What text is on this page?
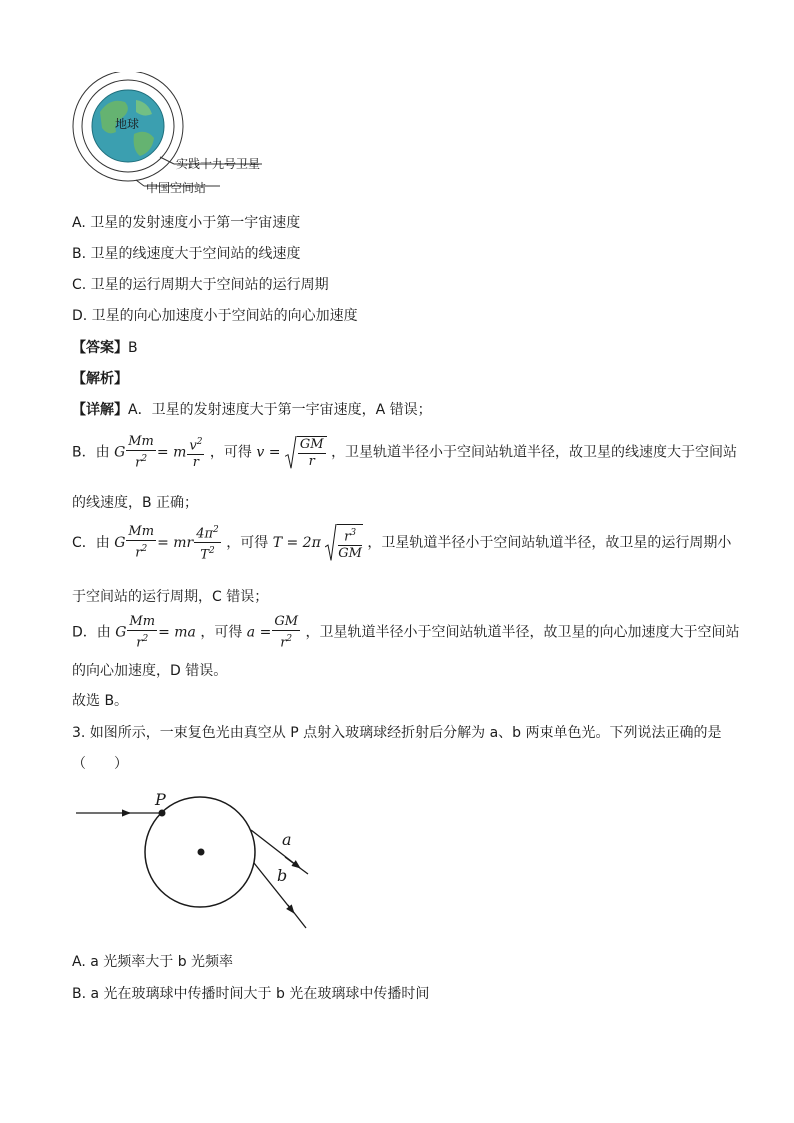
地球
实践十九号卫星
中国空间站
A. 卫星的发射速度小于第一宇宙速度
B. 卫星的线速度大于空间站的线速度
C. 卫星的运行周期大于空间站的运行周期
D. 卫星的向心加速度小于空间站的向心加速度
【答案】B
【解析】
【详解】A．卫星的发射速度大于第一宇宙速度，A 错误；
B．由 G $\frac{Mm}{r^2} = m \frac{v^2}{r}$ ，可得 $v = \frac{GM}{r}$ ，卫星轨道半径小于空间站轨道半径，故卫星的线速度大于空间站
的线速度，B 正确；
C．由 G $\frac{Mm}{r^2}$ = mr $\frac{4\pi^2}{T^2}$ ，可得 $T = 2\pi \frac{r^3}{GM}$ ，卫星轨道半径小于空间站轨道半径，故卫星的运行周期小
于空间站的运行周期，C 错误；
D．由 G $\frac{Mm}{r^2}$ = ma ，可得 $a = \frac{GM}{r^2}$ ，卫星轨道半径小于空间站轨道半径，故卫星的向心加速度大于空间站
的向心加速度，D 错误。
故选 B。
3. 如图所示，一束复色光由真空从 P 点射入玻璃球经折射后分解为 a、b 两束单色光。下列说法正确的是
（　　）
P
a
b
A. a 光频率大于 b 光频率
B. a 光在玻璃球中传播时间大于 b 光在玻璃球中传播时间
